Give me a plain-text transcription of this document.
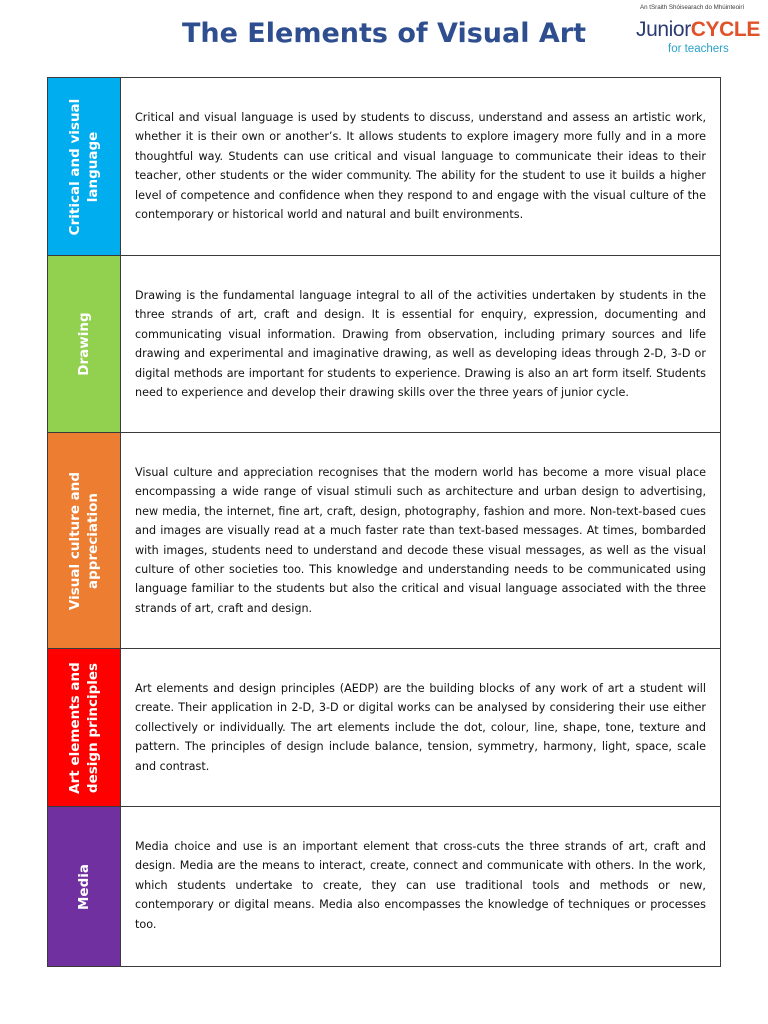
The Elements of Visual Art
An tSraith Shóisearach do Mhúinteoirí
JuniorCYCLE
for teachers
Critical and visual
language	Critical and visual language is used by students to discuss, understand and assess an artistic work, whether it is their own or another’s. It allows students to explore imagery more fully and in a more thoughtful way. Students can use critical and visual language to communicate their ideas to their teacher, other students or the wider community. The ability for the student to use it builds a higher level of competence and confidence when they respond to and engage with the visual culture of the contemporary or historical world and natural and built environments.

Drawing	Drawing is the fundamental language integral to all of the activities undertaken by students in the three strands of art, craft and design. It is essential for enquiry, expression, documenting and communicating visual information. Drawing from observation, including primary sources and life drawing and experimental and imaginative drawing, as well as developing ideas through 2-D, 3-D or digital methods are important for students to experience. Drawing is also an art form itself. Students need to experience and develop their drawing skills over the three years of junior cycle.

Visual culture and
appreciation	Visual culture and appreciation recognises that the modern world has become a more visual place encompassing a wide range of visual stimuli such as architecture and urban design to advertising, new media, the internet, fine art, craft, design, photography, fashion and more. Non-text-based cues and images are visually read at a much faster rate than text-based messages. At times, bombarded with images, students need to understand and decode these visual messages, as well as the visual culture of other societies too. This knowledge and understanding needs to be communicated using language familiar to the students but also the critical and visual language associated with the three strands of art, craft and design.

Art elements and
design principles	Art elements and design principles (AEDP) are the building blocks of any work of art a student will create. Their application in 2-D, 3-D or digital works can be analysed by considering their use either collectively or individually. The art elements include the dot, colour, line, shape, tone, texture and pattern. The principles of design include balance, tension, symmetry, harmony, light, space, scale and contrast.

Media	Media choice and use is an important element that cross-cuts the three strands of art, craft and design. Media are the means to interact, create, connect and communicate with others. In the work, which students undertake to create, they can use traditional tools and methods or new, contemporary or digital means. Media also encompasses the knowledge of techniques or processes too.
